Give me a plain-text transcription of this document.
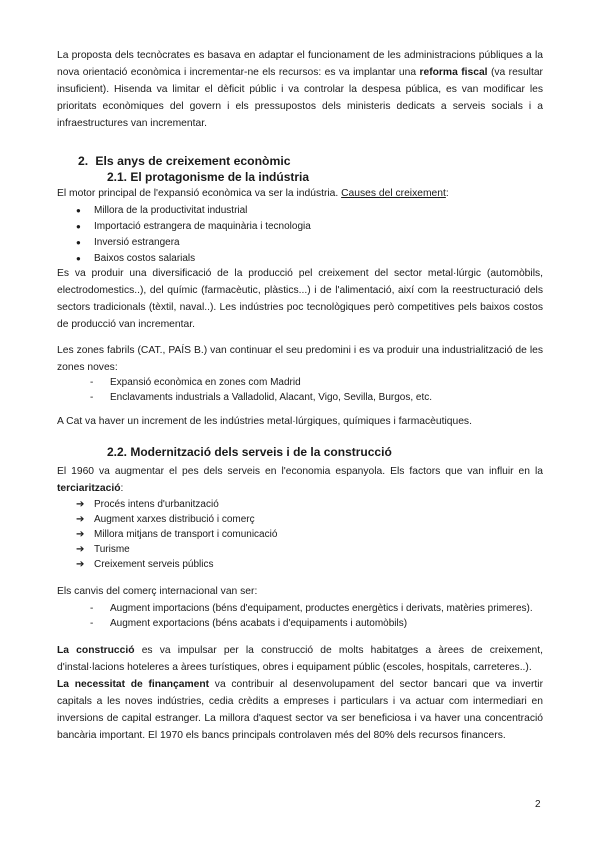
La proposta dels tecnòcrates es basava en adaptar el funcionament de les administracions públiques a la nova orientació econòmica i incrementar-ne els recursos: es va implantar una reforma fiscal (va resultar insuficient). Hisenda va limitar el dèficit públic i va controlar la despesa pública, es van modificar les prioritats econòmiques del govern i els pressupostos dels ministeris dedicats a serveis socials i a infraestructures van incrementar.

2. Els anys de creixement econòmic

2.1. El protagonisme de la indústria

El motor principal de l'expansió econòmica va ser la indústria. Causes del creixement:

● Millora de la productivitat industrial

● Importació estrangera de maquinària i tecnologia

● Inversió estrangera

● Baixos costos salarials

Es va produir una diversificació de la producció pel creixement del sector metal·lúrgic (automòbils, electrodomestics..), del químic (farmacèutic, plàstics...) i de l'alimentació, així com la reestructuració dels sectors tradicionals (tèxtil, naval..). Les indústries poc tecnològiques però competitives pels baixos costos de producció van incrementar.

Les zones fabrils (CAT., PAÍS B.) van continuar el seu predomini i es va produir una industrialització de les zones noves:

- Expansió econòmica en zones com Madrid

- Enclavaments industrials a Valladolid, Alacant, Vigo, Sevilla, Burgos, etc.

A Cat va haver un increment de les indústries metal·lúrgiques, químiques i farmacèutiques.

2.2. Modernització dels serveis i de la construcció

El 1960 va augmentar el pes dels serveis en l'economia espanyola. Els factors que van influir en la terciarització:

➔ Procés intens d'urbanització

➔ Augment xarxes distribució i comerç

➔ Millora mitjans de transport i comunicació

➔ Turisme

➔ Creixement serveis públics

Els canvis del comerç internacional van ser:

- Augment importacions (béns d'equipament, productes energètics i derivats, matèries primeres).

- Augment exportacions (béns acabats i d'equipaments i automòbils)

La construcció es va impulsar per la construcció de molts habitatges a àrees de creixement, d'instal·lacions hoteleres a àrees turístiques, obres i equipament públic (escoles, hospitals, carreteres..).

La necessitat de finançament va contribuir al desenvolupament del sector bancari que va invertir capitals a les noves indústries, cedia crèdits a empreses i particulars i va actuar com intermediari en inversions de capital estranger. La millora d'aquest sector va ser beneficiosa i va haver una concentració bancària important. El 1970 els bancs principals controlaven més del 80% dels recursos financers.

2
